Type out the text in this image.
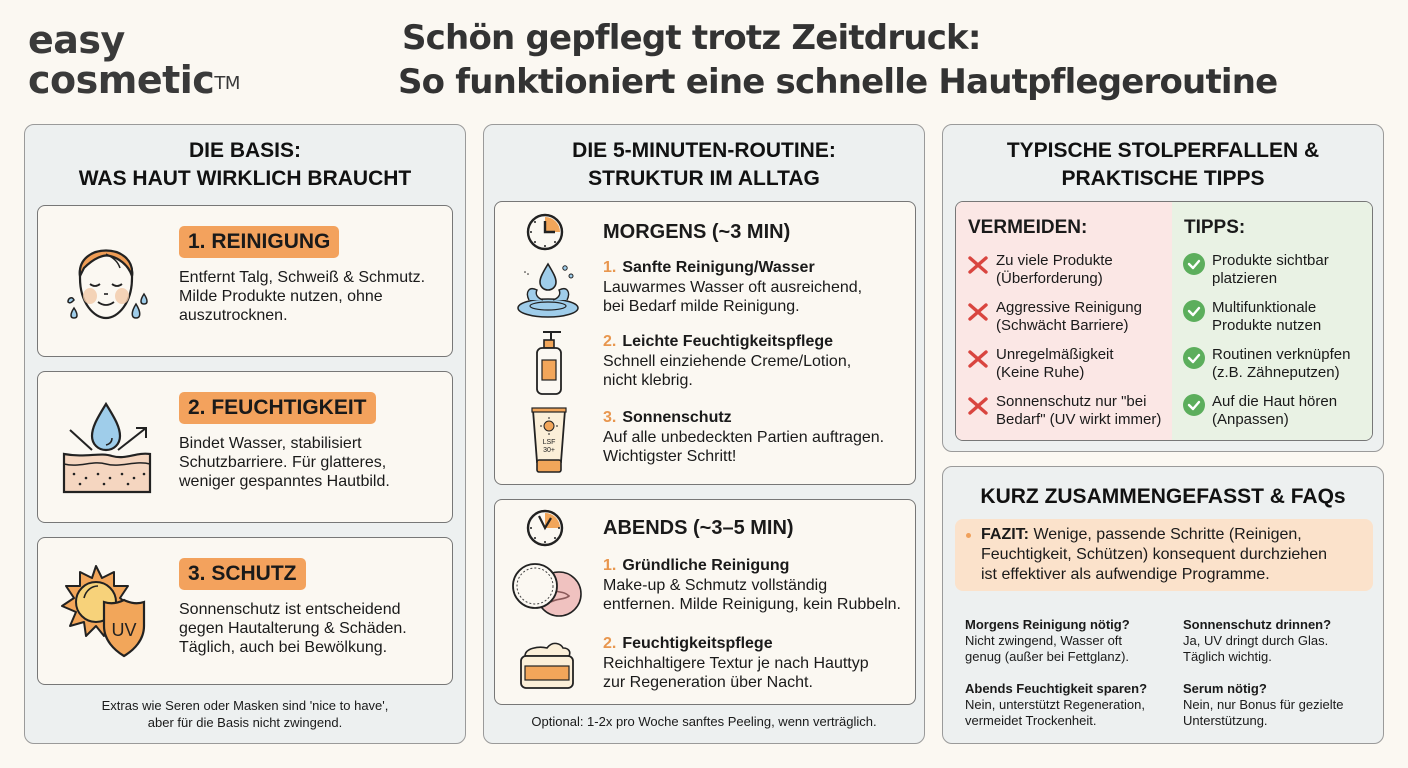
easy
cosmetic™
Schön gepflegt trotz Zeitdruck:
So funktioniert eine schnelle Hautpflegeroutine
DIE BASIS:
WAS HAUT WIRKLICH BRAUCHT
1. REINIGUNG
Entfernt Talg, Schweiß & Schmutz.
Milde Produkte nutzen, ohne
auszutrocknen.
2. FEUCHTIGKEIT
Bindet Wasser, stabilisiert
Schutzbarriere. Für glatteres,
weniger gespanntes Hautbild.
UV
3. SCHUTZ
Sonnenschutz ist entscheidend
gegen Hautalterung & Schäden.
Täglich, auch bei Bewölkung.
Extras wie Seren oder Masken sind 'nice to have',
aber für die Basis nicht zwingend.
DIE 5-MINUTEN-ROUTINE:
STRUKTUR IM ALLTAG
MORGENS (~3 MIN)
1. Sanfte Reinigung/Wasser
Lauwarmes Wasser oft ausreichend,
bei Bedarf milde Reinigung.
2. Leichte Feuchtigkeitspflege
Schnell einziehende Creme/Lotion,
nicht klebrig.
LSF
30+
3. Sonnenschutz
Auf alle unbedeckten Partien auftragen.
Wichtigster Schritt!
ABENDS (~3–5 MIN)
1. Gründliche Reinigung
Make-up & Schmutz vollständig
entfernen. Milde Reinigung, kein Rubbeln.
2. Feuchtigkeitspflege
Reichhaltigere Textur je nach Hauttyp
zur Regeneration über Nacht.
Optional: 1-2x pro Woche sanftes Peeling, wenn verträglich.
TYPISCHE STOLPERFALLEN &
PRAKTISCHE TIPPS
VERMEIDEN:
Zu viele Produkte
(Überforderung)
Aggressive Reinigung
(Schwächt Barriere)
Unregelmäßigkeit
(Keine Ruhe)
Sonnenschutz nur "bei
Bedarf" (UV wirkt immer)
TIPPS:
Produkte sichtbar
platzieren
Multifunktionale
Produkte nutzen
Routinen verknüpfen
(z.B. Zähneputzen)
Auf die Haut hören
(Anpassen)
KURZ ZUSAMMENGEFASST & FAQs
FAZIT: Wenige, passende Schritte (Reinigen,
Feuchtigkeit, Schützen) konsequent durchziehen
ist effektiver als aufwendige Programme.
Morgens Reinigung nötig?
Nicht zwingend, Wasser oft
genug (außer bei Fettglanz).
Sonnenschutz drinnen?
Ja, UV dringt durch Glas.
Täglich wichtig.
Abends Feuchtigkeit sparen?
Nein, unterstützt Regeneration,
vermeidet Trockenheit.
Serum nötig?
Nein, nur Bonus für gezielte
Unterstützung.
